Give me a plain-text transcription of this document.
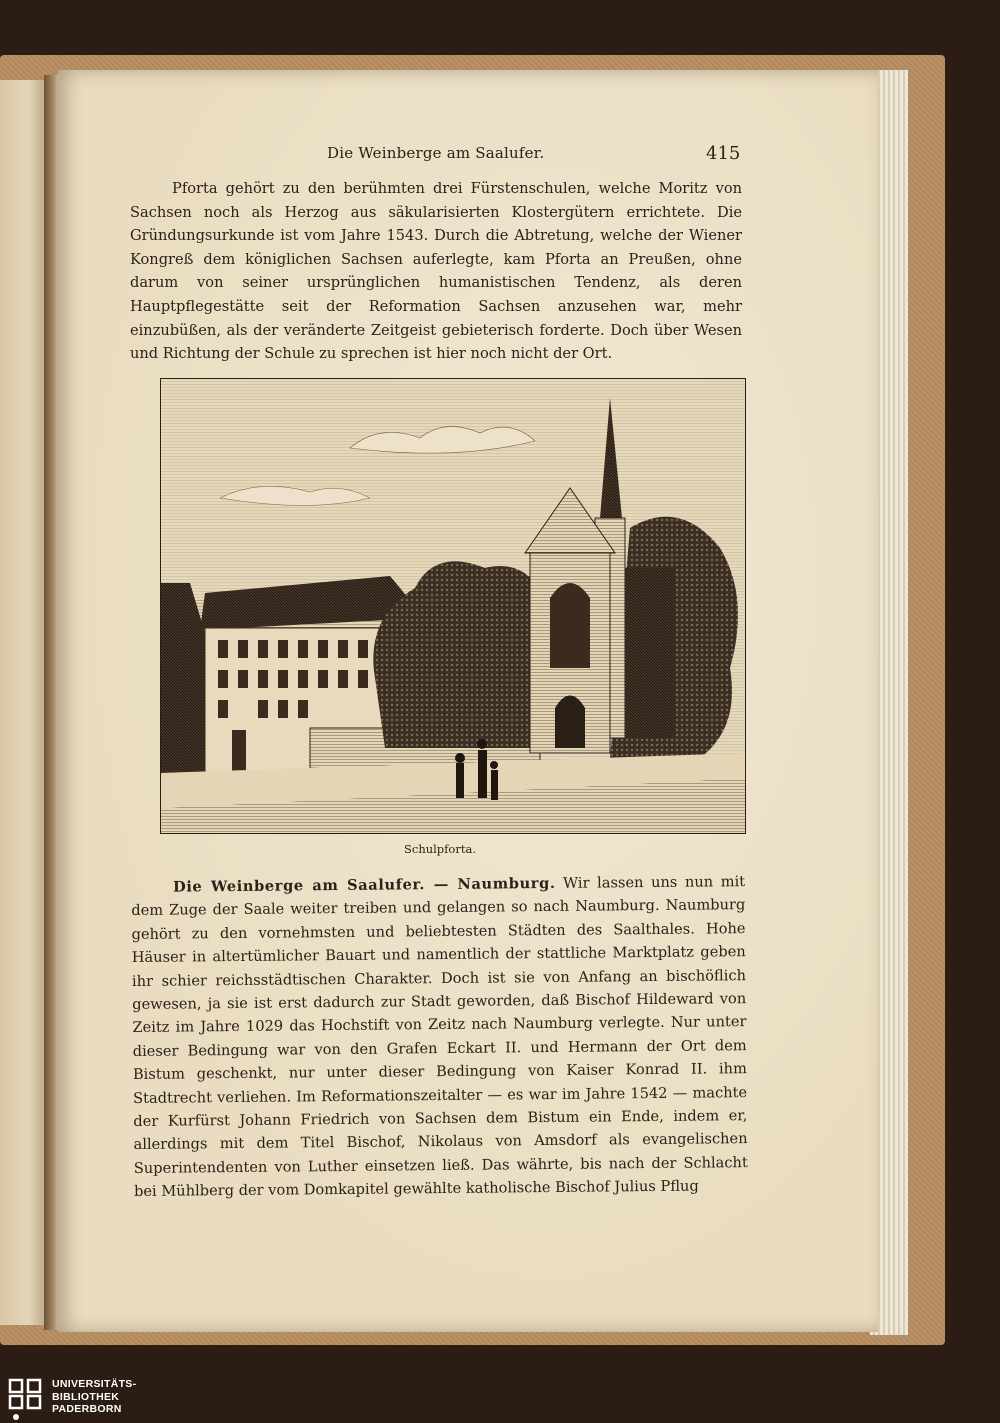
Die Weinberge am Saalufer.	415

Pforta gehört zu den berühmten drei Fürstenschulen, welche Moritz von Sachsen noch als Herzog aus säkularisierten Klostergütern errichtete. Die Gründungsurkunde ist vom Jahre 1543. Durch die Abtretung, welche der Wiener Kongreß dem königlichen Sachsen auferlegte, kam Pforta an Preußen, ohne darum von seiner ursprünglichen humanistischen Tendenz, als deren Hauptpflegestätte seit der Reformation Sachsen anzusehen war, mehr einzubüßen, als der veränderte Zeitgeist gebieterisch forderte. Doch über Wesen und Richtung der Schule zu sprechen ist hier noch nicht der Ort.

Schulpforta.

Die Weinberge am Saalufer. — Naumburg. Wir lassen uns nun mit dem Zuge der Saale weiter treiben und gelangen so nach Naumburg. Naumburg gehört zu den vornehmsten und beliebtesten Städten des Saalthales. Hohe Häuser in altertümlicher Bauart und namentlich der stattliche Marktplatz geben ihr schier reichsstädtischen Charakter. Doch ist sie von Anfang an bischöflich gewesen, ja sie ist erst dadurch zur Stadt geworden, daß Bischof Hildeward von Zeitz im Jahre 1029 das Hochstift von Zeitz nach Naumburg verlegte. Nur unter dieser Bedingung war von den Grafen Eckart II. und Hermann der Ort dem Bistum geschenkt, nur unter dieser Bedingung von Kaiser Konrad II. ihm Stadtrecht verliehen. Im Reformationszeitalter — es war im Jahre 1542 — machte der Kurfürst Johann Friedrich von Sachsen dem Bistum ein Ende, indem er, allerdings mit dem Titel Bischof, Nikolaus von Amsdorf als evangelischen Superintendenten von Luther einsetzen ließ. Das währte, bis nach der Schlacht bei Mühlberg der vom Domkapitel gewählte katholische Bischof Julius Pflug

UNIVERSITÄTS-
BIBLIOTHEK
PADERBORN
